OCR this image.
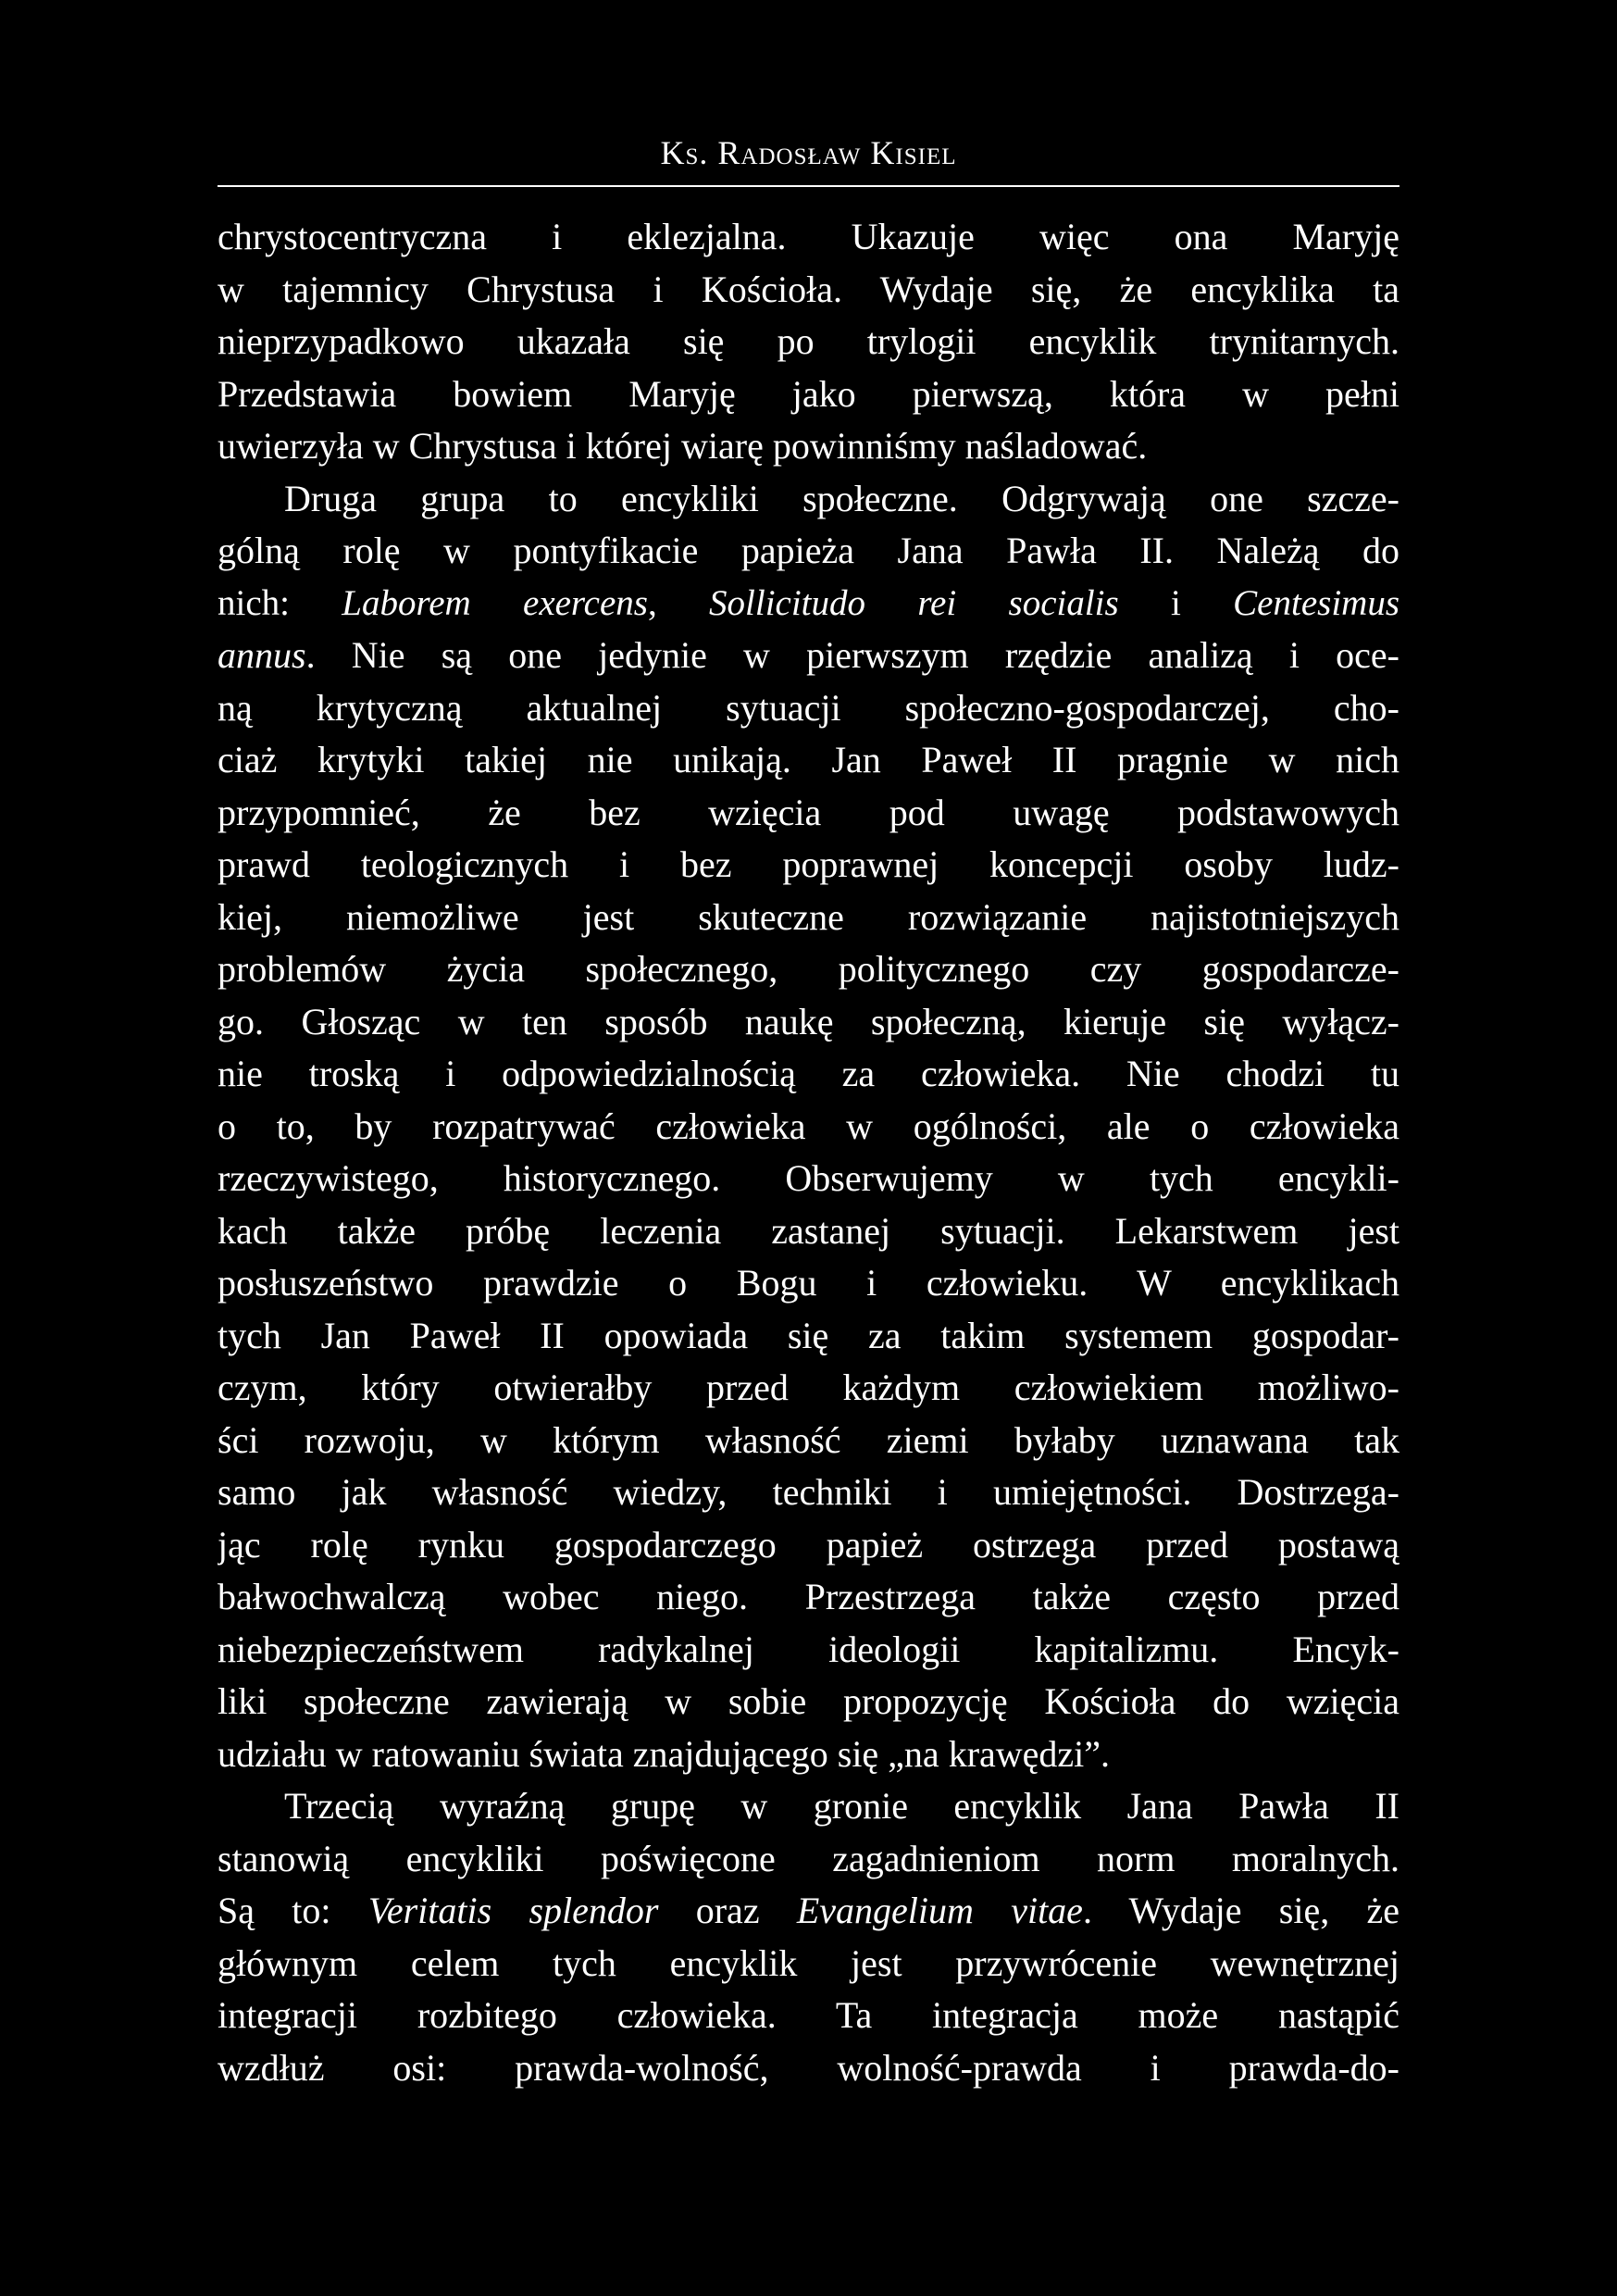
Ks. Radosław Kisiel
chrystocentryczna i eklezjalna. Ukazuje więc ona Maryję
w tajemnicy Chrystusa i Kościoła. Wydaje się, że encyklika ta
nieprzypadkowo ukazała się po trylogii encyklik trynitarnych.
Przedstawia bowiem Maryję jako pierwszą, która w pełni
uwierzyła w Chrystusa i której wiarę powinniśmy naśladować.
Druga grupa to encykliki społeczne. Odgrywają one szcze-
gólną rolę w pontyfikacie papieża Jana Pawła II. Należą do
nich: Laborem exercens, Sollicitudo rei socialis i Centesimus
annus. Nie są one jedynie w pierwszym rzędzie analizą i oce-
ną krytyczną aktualnej sytuacji społeczno-gospodarczej, cho-
ciaż krytyki takiej nie unikają. Jan Paweł II pragnie w nich
przypomnieć, że bez wzięcia pod uwagę podstawowych
prawd teologicznych i bez poprawnej koncepcji osoby ludz-
kiej, niemożliwe jest skuteczne rozwiązanie najistotniejszych
problemów życia społecznego, politycznego czy gospodarcze-
go. Głosząc w ten sposób naukę społeczną, kieruje się wyłącz-
nie troską i odpowiedzialnością za człowieka. Nie chodzi tu
o to, by rozpatrywać człowieka w ogólności, ale o człowieka
rzeczywistego, historycznego. Obserwujemy w tych encykli-
kach także próbę leczenia zastanej sytuacji. Lekarstwem jest
posłuszeństwo prawdzie o Bogu i człowieku. W encyklikach
tych Jan Paweł II opowiada się za takim systemem gospodar-
czym, który otwierałby przed każdym człowiekiem możliwo-
ści rozwoju, w którym własność ziemi byłaby uznawana tak
samo jak własność wiedzy, techniki i umiejętności. Dostrzega-
jąc rolę rynku gospodarczego papież ostrzega przed postawą
bałwochwalczą wobec niego. Przestrzega także często przed
niebezpieczeństwem radykalnej ideologii kapitalizmu. Encyk-
liki społeczne zawierają w sobie propozycję Kościoła do wzięcia
udziału w ratowaniu świata znajdującego się „na krawędzi”.
Trzecią wyraźną grupę w gronie encyklik Jana Pawła II
stanowią encykliki poświęcone zagadnieniom norm moralnych.
Są to: Veritatis splendor oraz Evangelium vitae. Wydaje się, że
głównym celem tych encyklik jest przywrócenie wewnętrznej
integracji rozbitego człowieka. Ta integracja może nastąpić
wzdłuż osi: prawda-wolność, wolność-prawda i prawda-do-
